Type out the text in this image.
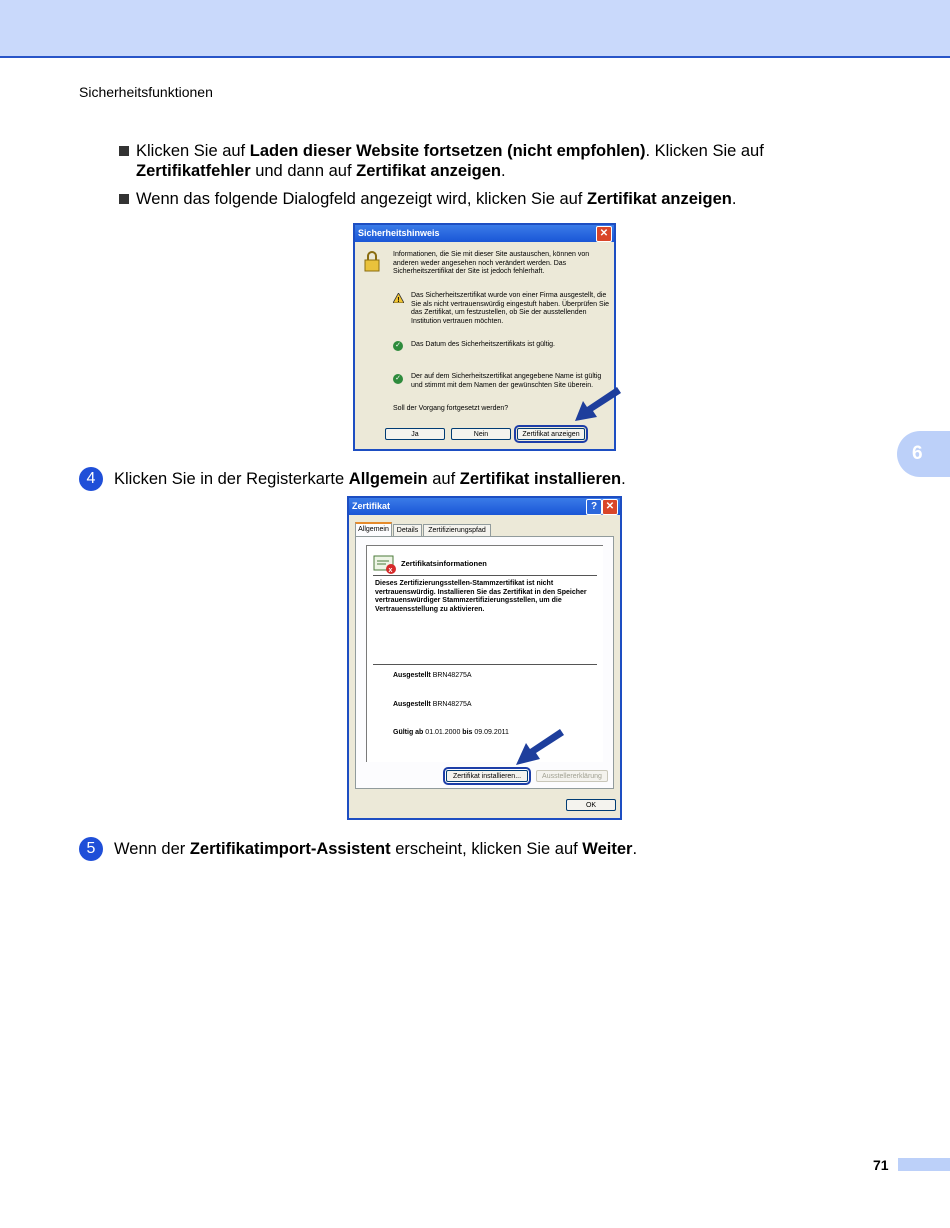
Sicherheitsfunktionen
6
Klicken Sie auf Laden dieser Website fortsetzen (nicht empfohlen). Klicken Sie auf Zertifikatfehler und dann auf Zertifikat anzeigen.
Wenn das folgende Dialogfeld angezeigt wird, klicken Sie auf Zertifikat anzeigen.
Sicherheitshinweis	✕
Informationen, die Sie mit dieser Site austauschen, können von anderen weder angesehen noch verändert werden. Das Sicherheitszertifikat der Site ist jedoch fehlerhaft.
!
Das Sicherheitszertifikat wurde von einer Firma ausgestellt, die Sie als nicht vertrauenswürdig eingestuft haben. Überprüfen Sie das Zertifikat, um festzustellen, ob Sie der ausstellenden Institution vertrauen möchten.
✓ Das Datum des Sicherheitszertifikats ist gültig.
✓ Der auf dem Sicherheitszertifikat angegebene Name ist gültig und stimmt mit dem Namen der gewünschten Site überein.
Soll der Vorgang fortgesetzt werden?
Ja	Nein	Zertifikat anzeigen
4	Klicken Sie in der Registerkarte Allgemein auf Zertifikat installieren.
Zertifikat	? ✕
Allgemein	Details	Zertifizierungspfad
x
Zertifikatsinformationen
Dieses Zertifizierungsstellen-Stammzertifikat ist nicht vertrauenswürdig. Installieren Sie das Zertifikat in den Speicher vertrauenswürdiger Stammzertifizierungsstellen, um die Vertrauensstellung zu aktivieren.
Ausgestellt BRN48275A
Ausgestellt BRN48275A
Gültig ab 01.01.2000 bis 09.09.2011
Zertifikat installieren...	Ausstellererklärung
OK
5	Wenn der Zertifikatimport-Assistent erscheint, klicken Sie auf Weiter.
71
